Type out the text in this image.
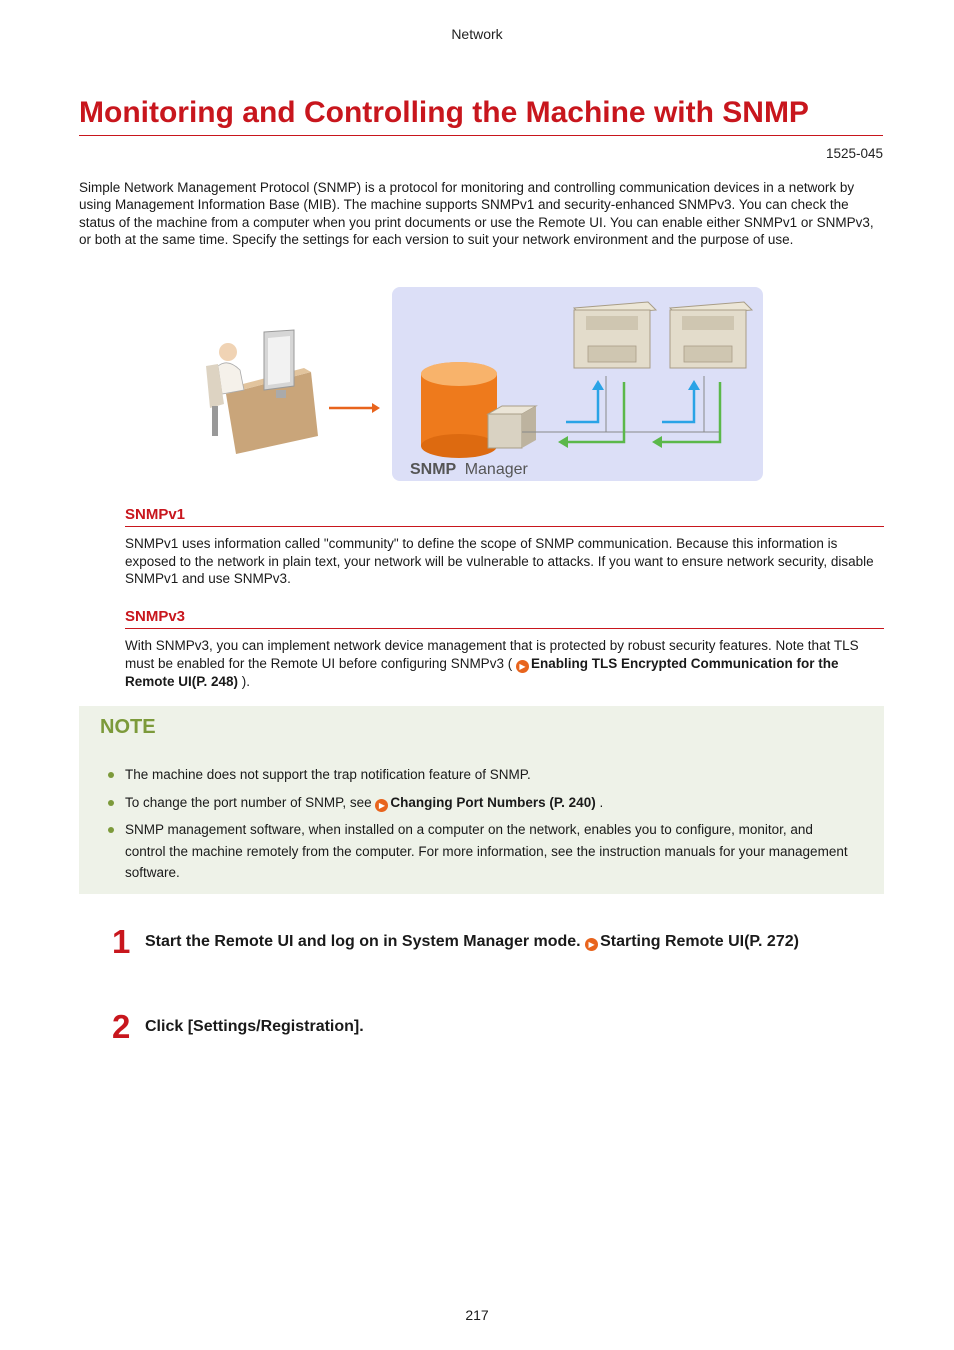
Network
Monitoring and Controlling the Machine with SNMP
1525-045

Simple Network Management Protocol (SNMP) is a protocol for monitoring and controlling communication devices in a network by using Management Information Base (MIB). The machine supports SNMPv1 and security-enhanced SNMPv3. You can check the status of the machine from a computer when you print documents or use the Remote UI. You can enable either SNMPv1 or SNMPv3, or both at the same time. Specify the settings for each version to suit your network environment and the purpose of use.

SNMP Manager
SNMPv1

SNMPv1 uses information called "community" to define the scope of SNMP communication. Because this information is exposed to the network in plain text, your network will be vulnerable to attacks. If you want to ensure network security, disable SNMPv1 and use SNMPv3.

SNMPv3

With SNMPv3, you can implement network device management that is protected by robust security features. Note that TLS must be enabled for the Remote UI before configuring SNMPv3 ( ▶ Enabling TLS Encrypted Communication for the Remote UI(P. 248) ).

NOTE
The machine does not support the trap notification feature of SNMP.
To change the port number of SNMP, see ▶ Changing Port Numbers (P. 240) .
SNMP management software, when installed on a computer on the network, enables you to configure, monitor, and control the machine remotely from the computer. For more information, see the instruction manuals for your management software.
1 Start the Remote UI and log on in System Manager mode. ▶ Starting Remote UI(P. 272)
2 Click [Settings/Registration].
217
